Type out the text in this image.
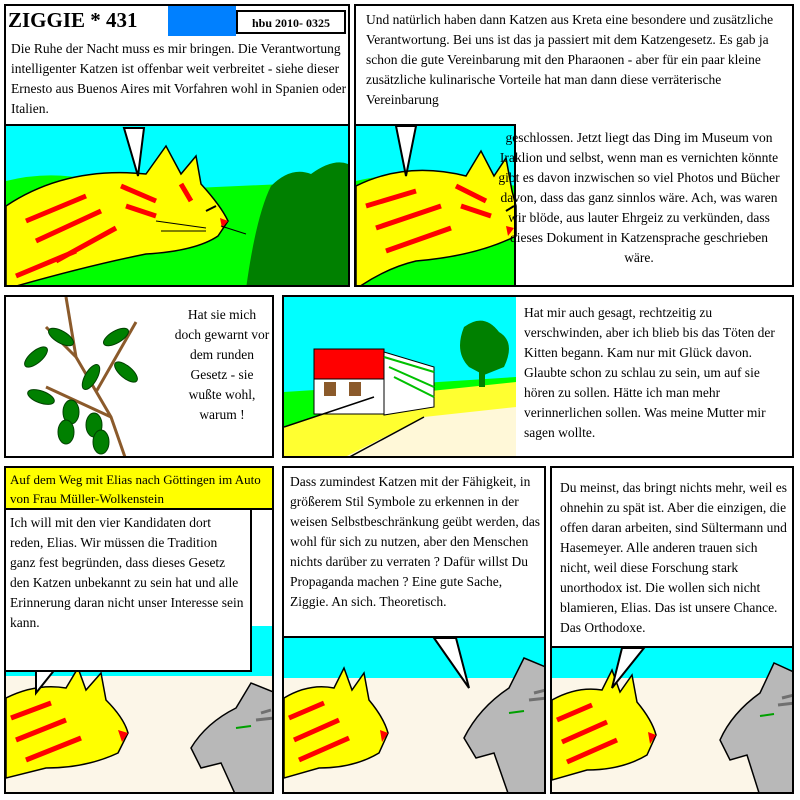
ZIGGIE * 431	hbu 2010- 0325
Die Ruhe der Nacht muss es mir bringen. Die Verantwortung intelligenter Katzen ist offenbar weit verbreitet - siehe dieser Ernesto aus Buenos Aires mit Vorfahren wohl in Spanien oder Italien.
Und natürlich haben dann Katzen aus Kreta eine besondere und zusätzliche Verantwortung. Bei uns ist das ja passiert mit dem Katzengesetz. Es gab ja schon die gute Vereinbarung mit den Pharaonen - aber für ein paar kleine zusätzliche kulinarische Vorteile hat man dann diese verräterische Vereinbarung
geschlossen. Jetzt liegt das Ding im Museum von Iraklion und selbst, wenn man es vernichten könnte gibt es davon inzwischen so viel Photos und Bücher davon, dass das ganz sinnlos wäre. Ach, was waren wir blöde, aus lauter Ehrgeiz zu verkünden, dass dieses Dokument in Katzensprache geschrieben wäre.
Hat sie mich doch gewarnt vor dem runden Gesetz - sie wußte wohl, warum !
Hat mir auch gesagt, rechtzeitig zu verschwinden, aber ich blieb bis das Töten der Kitten begann. Kam nur mit Glück davon. Glaubte schon zu schlau zu sein, um auf sie hören zu sollen. Hätte ich man mehr verinnerlichen sollen. Was meine Mutter mir sagen wollte.
Auf dem Weg mit Elias nach Göttingen im Auto von Frau Müller-Wolkenstein
Ich will mit den vier Kandidaten dort reden, Elias. Wir müssen die Tradition ganz fest begründen, dass dieses Gesetz den Katzen unbekannt zu sein hat und alle Erinnerung daran nicht unser Interesse sein kann.
Dass zumindest Katzen mit der Fähigkeit, in größerem Stil Symbole zu erkennen in der weisen Selbstbeschränkung geübt werden, das wohl für sich zu nutzen, aber den Menschen nichts darüber zu verraten ? Dafür willst Du Propaganda machen ? Eine gute Sache, Ziggie. An sich. Theoretisch.
Du meinst, das bringt nichts mehr, weil es ohnehin zu spät ist. Aber die einzigen, die offen daran arbeiten, sind Sültermann und Hasemeyer. Alle anderen trauen sich nicht, weil diese Forschung stark unorthodox ist. Die wollen sich nicht blamieren, Elias. Das ist unsere Chance. Das Orthodoxe.
